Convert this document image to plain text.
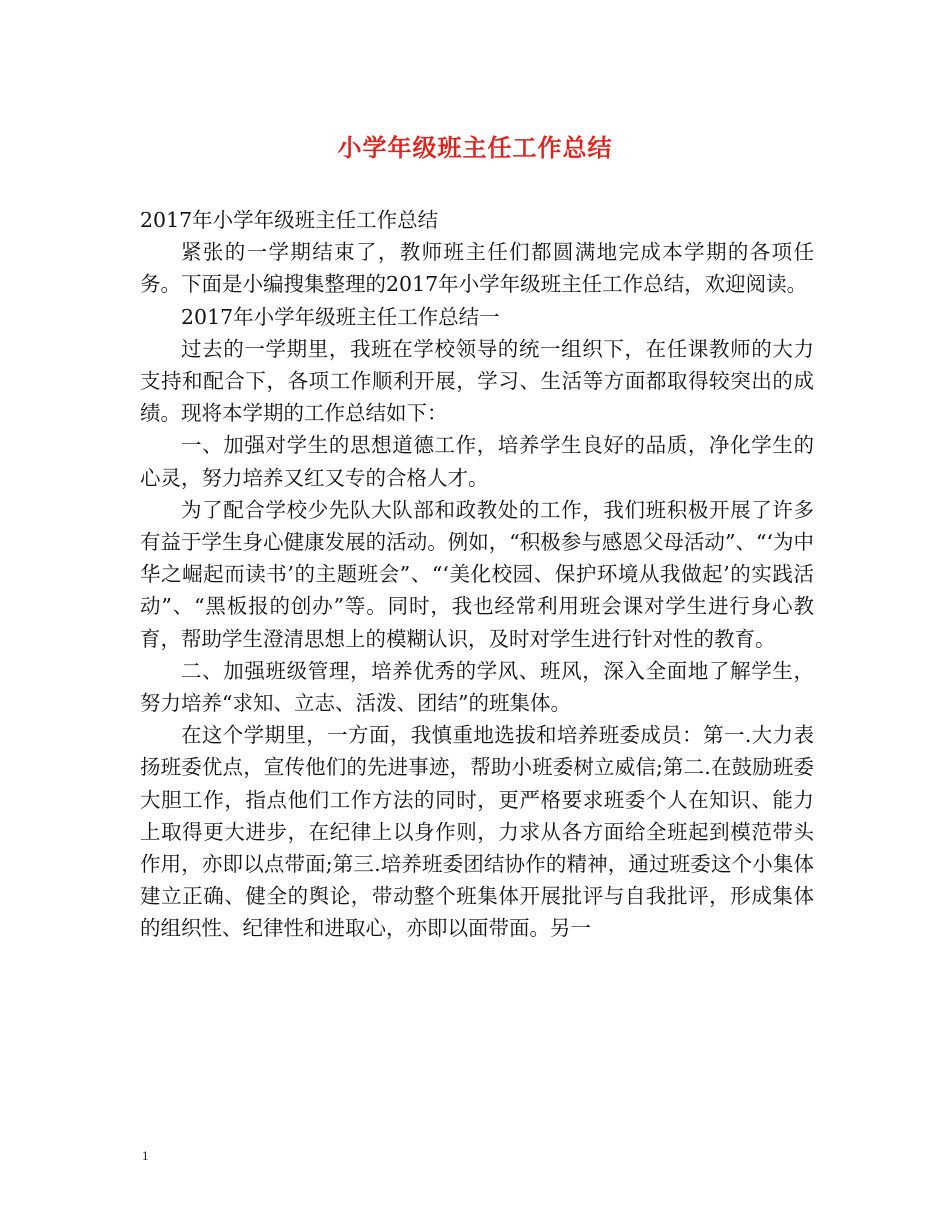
小学年级班主任工作总结

2017年小学年级班主任工作总结

紧张的一学期结束了，教师班主任们都圆满地完成本学期的各项任务。下面是小编搜集整理的2017年小学年级班主任工作总结，欢迎阅读。

2017年小学年级班主任工作总结一

过去的一学期里，我班在学校领导的统一组织下，在任课教师的大力支持和配合下，各项工作顺利开展，学习、生活等方面都取得较突出的成绩。现将本学期的工作总结如下：

一、加强对学生的思想道德工作，培养学生良好的品质，净化学生的心灵，努力培养又红又专的合格人才。

为了配合学校少先队大队部和政教处的工作，我们班积极开展了许多有益于学生身心健康发展的活动。例如，“积极参与感恩父母活动”、“‘为中华之崛起而读书’的主题班会”、“‘美化校园、保护环境从我做起’的实践活动”、“黑板报的创办”等。同时，我也经常利用班会课对学生进行身心教育，帮助学生澄清思想上的模糊认识，及时对学生进行针对性的教育。

二、加强班级管理，培养优秀的学风、班风，深入全面地了解学生，努力培养“求知、立志、活泼、团结”的班集体。

在这个学期里，一方面，我慎重地选拔和培养班委成员：第一.大力表扬班委优点，宣传他们的先进事迹，帮助小班委树立威信;第二.在鼓励班委大胆工作，指点他们工作方法的同时，更严格要求班委个人在知识、能力上取得更大进步，在纪律上以身作则，力求从各方面给全班起到模范带头作用，亦即以点带面;第三.培养班委团结协作的精神，通过班委这个小集体建立正确、健全的舆论，带动整个班集体开展批评与自我批评，形成集体的组织性、纪律性和进取心，亦即以面带面。另一

1
